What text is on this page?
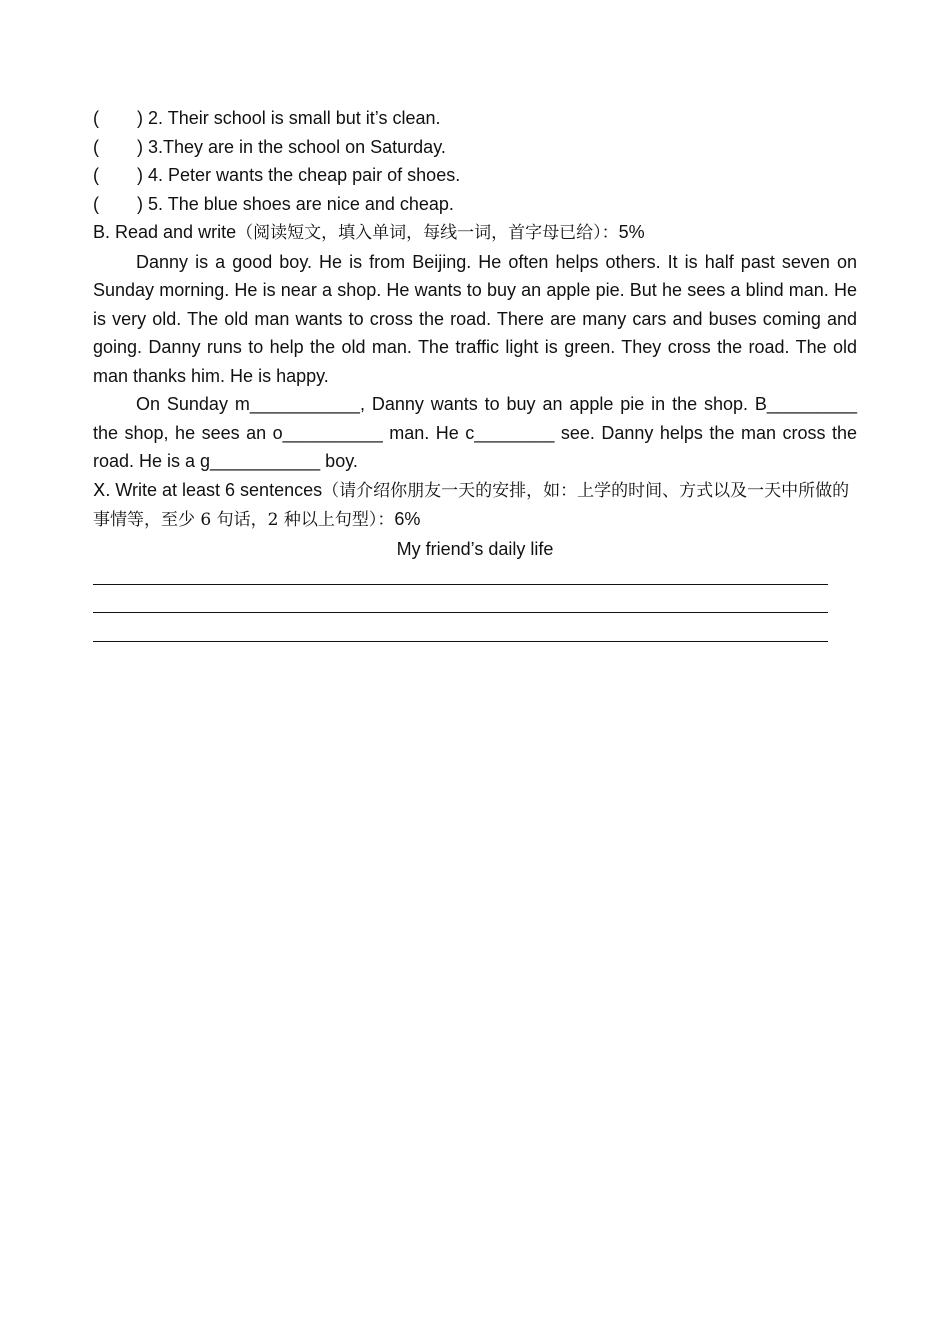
( ) 2. Their school is small but it’s clean.
( ) 3.They are in the school on Saturday.
( ) 4. Peter wants the cheap pair of shoes.
( ) 5. The blue shoes are nice and cheap.
B. Read and write（阅读短文，填入单词，每线一词，首字母已给）：5%

Danny is a good boy. He is from Beijing. He often helps others. It is half past seven on Sunday morning. He is near a shop. He wants to buy an apple pie. But he sees a blind man. He is very old. The old man wants to cross the road. There are many cars and buses coming and going. Danny runs to help the old man. The traffic light is green. They cross the road. The old man thanks him. He is happy.

On Sunday m___________, Danny wants to buy an apple pie in the shop. B_________ the shop, he sees an o__________ man. He c________ see. Danny helps the man cross the road. He is a g___________ boy.

Ⅹ. Write at least 6 sentences（请介绍你朋友一天的安排，如：上学的时间、方式以及一天中所做的事情等，至少 6 句话，2 种以上句型）：6%

My friend’s daily life
